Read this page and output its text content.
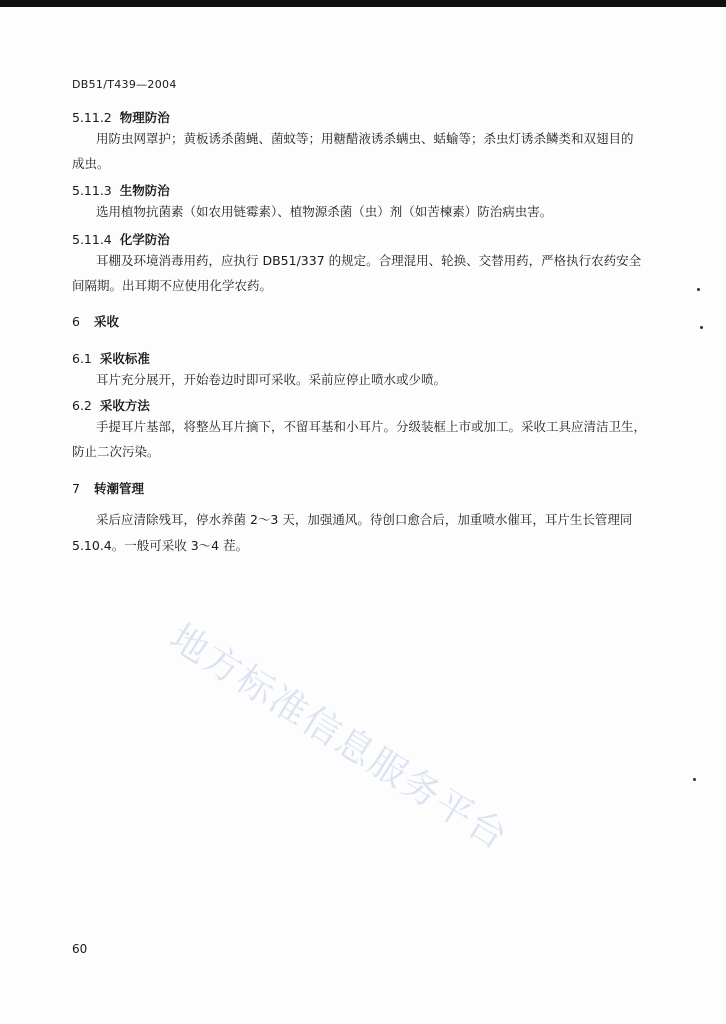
DB51/T439—2004
5.11.2 物理防治
用防虫网罩护；黄板诱杀菌蝇、菌蚊等；用糖醋液诱杀螨虫、蛞蝓等；杀虫灯诱杀鳞类和双翅目的
成虫。
5.11.3 生物防治
选用植物抗菌素（如农用链霉素）、植物源杀菌（虫）剂（如苦楝素）防治病虫害。
5.11.4 化学防治
耳棚及环境消毒用药，应执行 DB51/337 的规定。合理混用、轮换、交替用药，严格执行农药安全
间隔期。出耳期不应使用化学农药。
6 采收
6.1 采收标准
耳片充分展开，开始卷边时即可采收。采前应停止喷水或少喷。
6.2 采收方法
手提耳片基部，将整丛耳片摘下，不留耳基和小耳片。分级装框上市或加工。采收工具应清洁卫生，
防止二次污染。
7 转潮管理
采后应清除残耳，停水养菌 2～3 天，加强通风。待创口愈合后，加重喷水催耳，耳片生长管理同
5.10.4。一般可采收 3～4 茬。
地方标准信息服务平台
60
